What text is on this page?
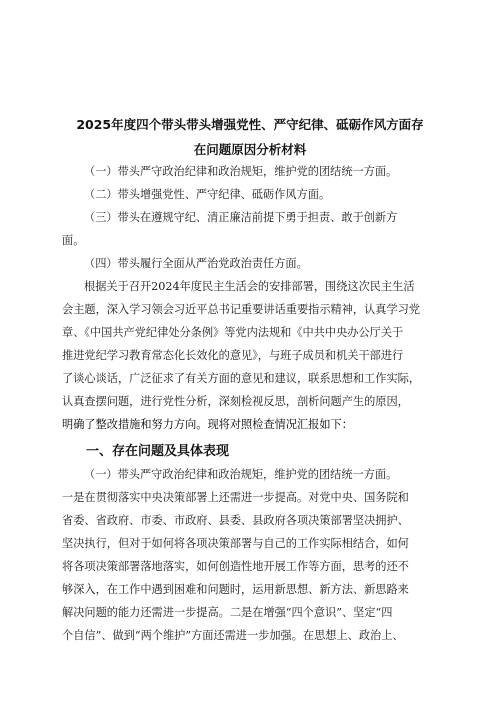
2025年度四个带头带头增强党性、严守纪律、砥砺作风方面存
在问题原因分析材料
（一）带头严守政治纪律和政治规矩，维护党的团结统一方面。
（二）带头增强党性、严守纪律、砥砺作风方面。
（三）带头在遵规守纪、清正廉洁前提下勇于担责、敢于创新方
面。
（四）带头履行全面从严治党政治责任方面。
根据关于召开2024年度民主生活会的安排部署，围绕这次民主生活
会主题，深入学习领会习近平总书记重要讲话重要指示精神，认真学习党
章、《中国共产党纪律处分条例》等党内法规和《中共中央办公厅关于
推进党纪学习教育常态化长效化的意见》，与班子成员和机关干部进行
了谈心谈话，广泛征求了有关方面的意见和建议，联系思想和工作实际，
认真查摆问题，进行党性分析，深刻检视反思，剖析问题产生的原因，
一、存在问题及具体表现
（一）带头严守政治纪律和政治规矩，维护党的团结统一方面。
一是在贯彻落实中央决策部署上还需进一步提高。对党中央、国务院和
省委、省政府、市委、市政府、县委、县政府各项决策部署坚决拥护、
坚决执行，但对于如何将各项决策部署与自己的工作实际相结合，如何
将各项决策部署落地落实，如何创造性地开展工作等方面，思考的还不
够深入，在工作中遇到困难和问题时，运用新思想、新方法、新思路来
解决问题的能力还需进一步提高。二是在增强“四个意识”、坚定“四
个自信”、做到“两个维护”方面还需进一步加强。在思想上、政治上、
明确了整改措施和努力方向。现将对照检查情况汇报如下：
